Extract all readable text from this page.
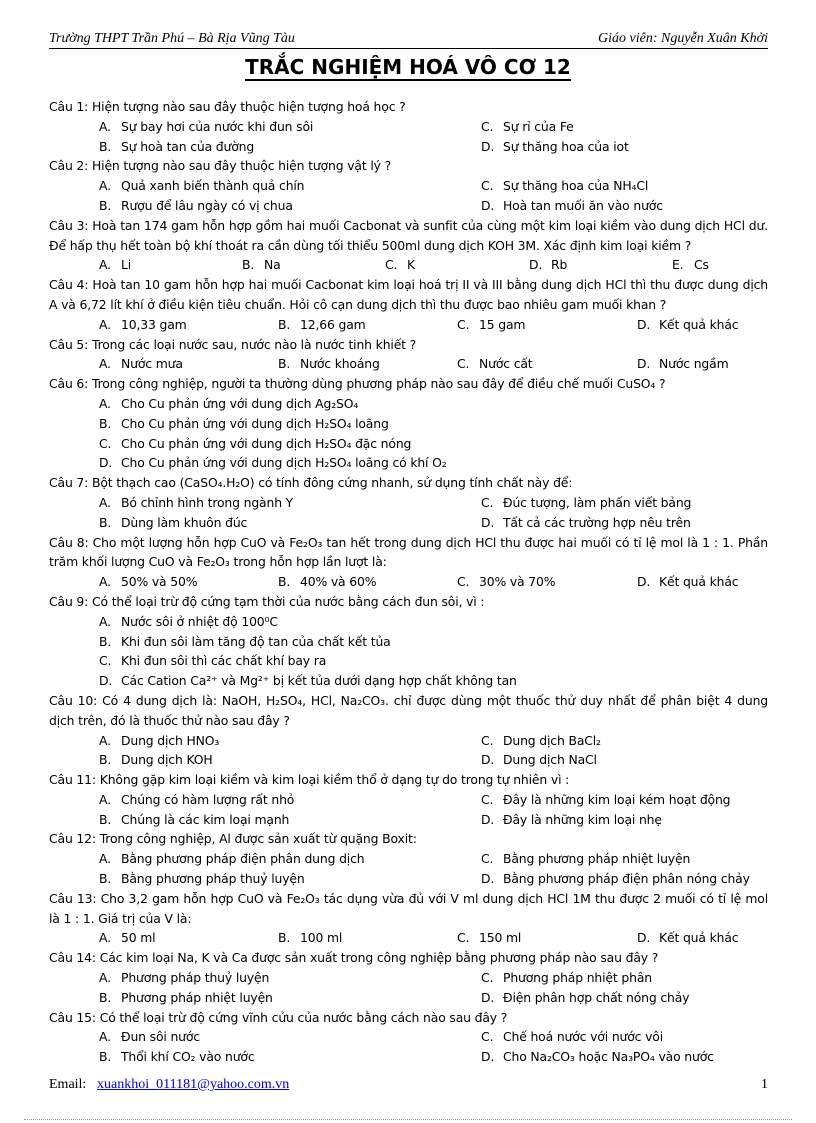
Trường THPT Trần Phú – Bà Rịa Vũng Tàu	Giáo viên: Nguyễn Xuân Khởi
TRẮC NGHIỆM HOÁ VÔ CƠ 12
Câu 1: Hiện tượng nào sau đây thuộc hiện tượng hoá học ?
A. Sự bay hơi của nước khi đun sôi	C. Sự rỉ của Fe
B. Sự hoà tan của đường	D. Sự thăng hoa của iot
Câu 2: Hiện tượng nào sau đây thuộc hiện tượng vật lý ?
A. Quả xanh biến thành quả chín	C. Sự thăng hoa của NH₄Cl
B. Rượu để lâu ngày có vị chua	D. Hoà tan muối ăn vào nước
Câu 3: Hoà tan 174 gam hỗn hợp gồm hai muối Cacbonat và sunfit của cùng một kim loại kiềm vào dung dịch HCl dư. Để hấp thụ hết toàn bộ khí thoát ra cần dùng tối thiểu 500ml dung dịch KOH 3M. Xác định kim loại kiềm ?
A. Li	B. Na	C. K	D. Rb	E. Cs
Câu 4: Hoà tan 10 gam hỗn hợp hai muối Cacbonat kim loại hoá trị II và III bằng dung dịch HCl thì thu được dung dịch A và 6,72 lít khí ở điều kiện tiêu chuẩn. Hỏi cô cạn dung dịch thì thu được bao nhiêu gam muối khan ?
A. 10,33 gam	B. 12,66 gam	C. 15 gam	D. Kết quả khác
Câu 5: Trong các loại nước sau, nước nào là nước tinh khiết ?
A. Nước mưa	B. Nước khoáng	C. Nước cất	D. Nước ngầm
Câu 6: Trong công nghiệp, người ta thường dùng phương pháp nào sau đây để điều chế muối CuSO₄ ?
A. Cho Cu phản ứng với dung dịch Ag₂SO₄
B. Cho Cu phản ứng với dung dịch H₂SO₄ loãng
C. Cho Cu phản ứng với dung dịch H₂SO₄ đặc nóng
D. Cho Cu phản ứng với dung dịch H₂SO₄ loãng có khí O₂
Câu 7: Bột thạch cao (CaSO₄.H₂O) có tính đông cứng nhanh, sử dụng tính chất này để:
A. Bó chỉnh hình trong ngành Y	C. Đúc tượng, làm phấn viết bảng
B. Dùng làm khuôn đúc	D. Tất cả các trường hợp nêu trên
Câu 8: Cho một lượng hỗn hợp CuO và Fe₂O₃ tan hết trong dung dịch HCl thu được hai muối có tỉ lệ mol là 1 : 1. Phần trăm khối lượng CuO và Fe₂O₃ trong hỗn hợp lần lượt là:
A. 50% và 50%	B. 40% và 60%	C. 30% và 70%	D. Kết quả khác
Câu 9: Có thể loại trừ độ cứng tạm thời của nước bằng cách đun sôi, vì :
A. Nước sôi ở nhiệt độ 100⁰C
B. Khi đun sôi làm tăng độ tan của chất kết tủa
C. Khi đun sôi thì các chất khí bay ra
D. Các Cation Ca²⁺ và Mg²⁺ bị kết tủa dưới dạng hợp chất không tan
Câu 10: Có 4 dung dịch là: NaOH, H₂SO₄, HCl, Na₂CO₃. chỉ được dùng một thuốc thử duy nhất để phân biệt 4 dung dịch trên, đó là thuốc thử nào sau đây ?
A. Dung dịch HNO₃	C. Dung dịch BaCl₂
B. Dung dịch KOH	D. Dung dịch NaCl
Câu 11: Không gặp kim loại kiềm và kim loại kiềm thổ ở dạng tự do trong tự nhiên vì :
A. Chúng có hàm lượng rất nhỏ	C. Đây là những kim loại kém hoạt động
B. Chúng là các kim loại mạnh	D. Đây là những kim loại nhẹ
Câu 12: Trong công nghiệp, Al được sản xuất từ quặng Boxit:
A. Bằng phương pháp điện phân dung dịch	C. Bằng phương pháp nhiệt luyện
B. Bằng phương pháp thuỷ luyện	D. Bằng phương pháp điện phân nóng chảy
Câu 13: Cho 3,2 gam hỗn hợp CuO và Fe₂O₃ tác dụng vừa đủ với V ml dung dịch HCl 1M thu được 2 muối có tỉ lệ mol là 1 : 1. Giá trị của V là:
A. 50 ml	B. 100 ml	C. 150 ml	D. Kết quả khác
Câu 14: Các kim loại Na, K và Ca được sản xuất trong công nghiệp bằng phương pháp nào sau đây ?
A. Phương pháp thuỷ luyện	C. Phương pháp nhiệt phân
B. Phương pháp nhiệt luyện	D. Điện phân hợp chất nóng chảy
Câu 15: Có thể loại trừ độ cứng vĩnh cửu của nước bằng cách nào sau đây ?
A. Đun sôi nước	C. Chế hoá nước với nước vôi
B. Thổi khí CO₂ vào nước	D. Cho Na₂CO₃ hoặc Na₃PO₄ vào nước
Email: xuankhoi_011181@yahoo.com.vn	1
